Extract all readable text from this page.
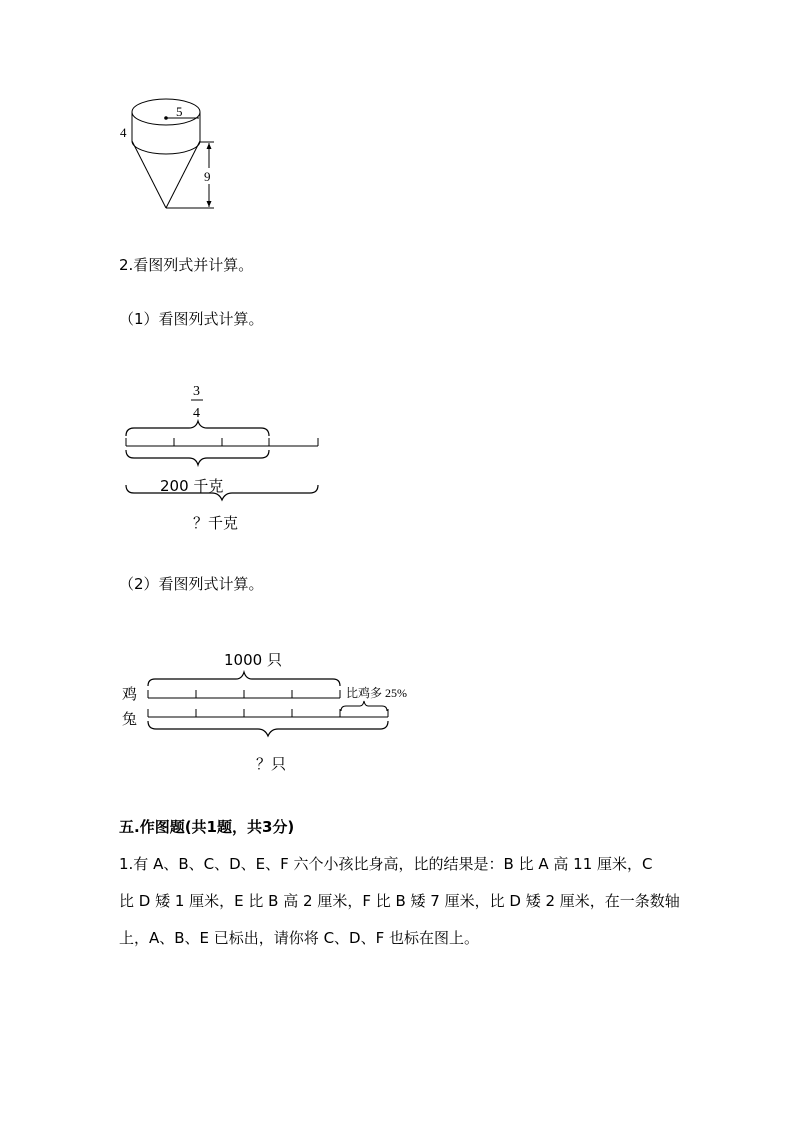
5
4
9
2.看图列式并计算。
（1）看图列式计算。
3
4
200 千克
？千克
（2）看图列式计算。
1000 只
鸡
兔
比鸡多 25%
？只
五.作图题(共1题，共3分)
1.有 A、B、C、D、E、F 六个小孩比身高，比的结果是：B 比 A 高 11 厘米，C
比 D 矮 1 厘米，E 比 B 高 2 厘米，F 比 B 矮 7 厘米，比 D 矮 2 厘米，在一条数轴
上，A、B、E 已标出，请你将 C、D、F 也标在图上。
